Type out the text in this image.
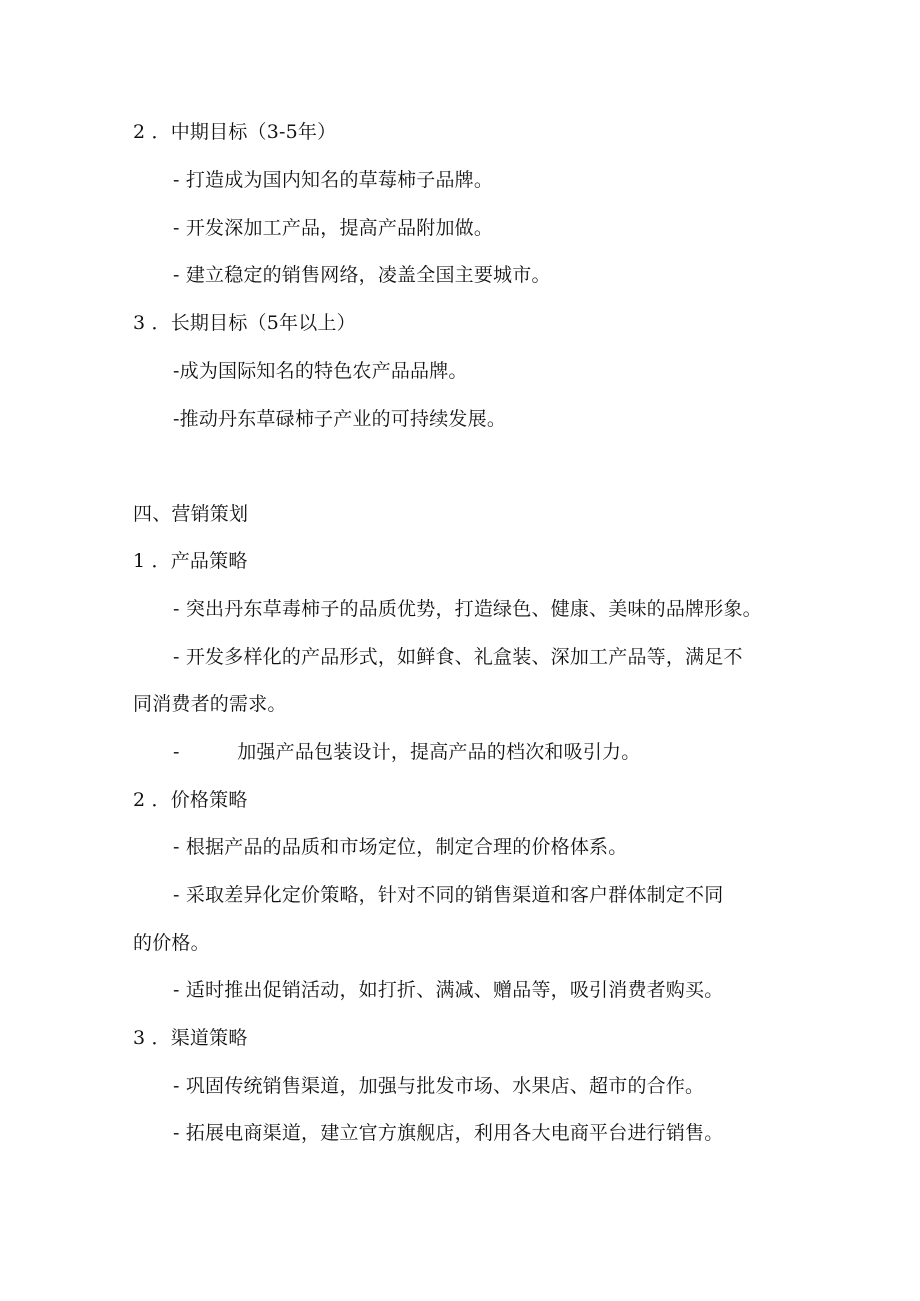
2 ．中期目标（3-5年）
- 打造成为国内知名的草莓柿子品牌。
- 开发深加工产品，提高产品附加做。
- 建立稳定的销售网络，凌盖全国主要城市。
3 ．长期目标（5年以上）
-成为国际知名的特色农产品品牌。
-推动丹东草碌柿子产业的可持续发展。
四、营销策划
1 ．产品策略
- 突出丹东草毒柿子的品质优势，打造绿色、健康、美味的品牌形象。
- 开发多样化的产品形式，如鲜食、礼盒装、深加工产品等，满足不
同消费者的需求。
-　　　加强产品包装设计，提高产品的档次和吸引力。
2 ．价格策略
- 根据产品的品质和市场定位，制定合理的价格体系。
- 采取差异化定价策略，针对不同的销售渠道和客户群体制定不同
的价格。
- 适时推出促销活动，如打折、满减、赠品等，吸引消费者购买。
3 ．渠道策略
- 巩固传统销售渠道，加强与批发市场、水果店、超市的合作。
- 拓展电商渠道，建立官方旗舰店，利用各大电商平台进行销售。
